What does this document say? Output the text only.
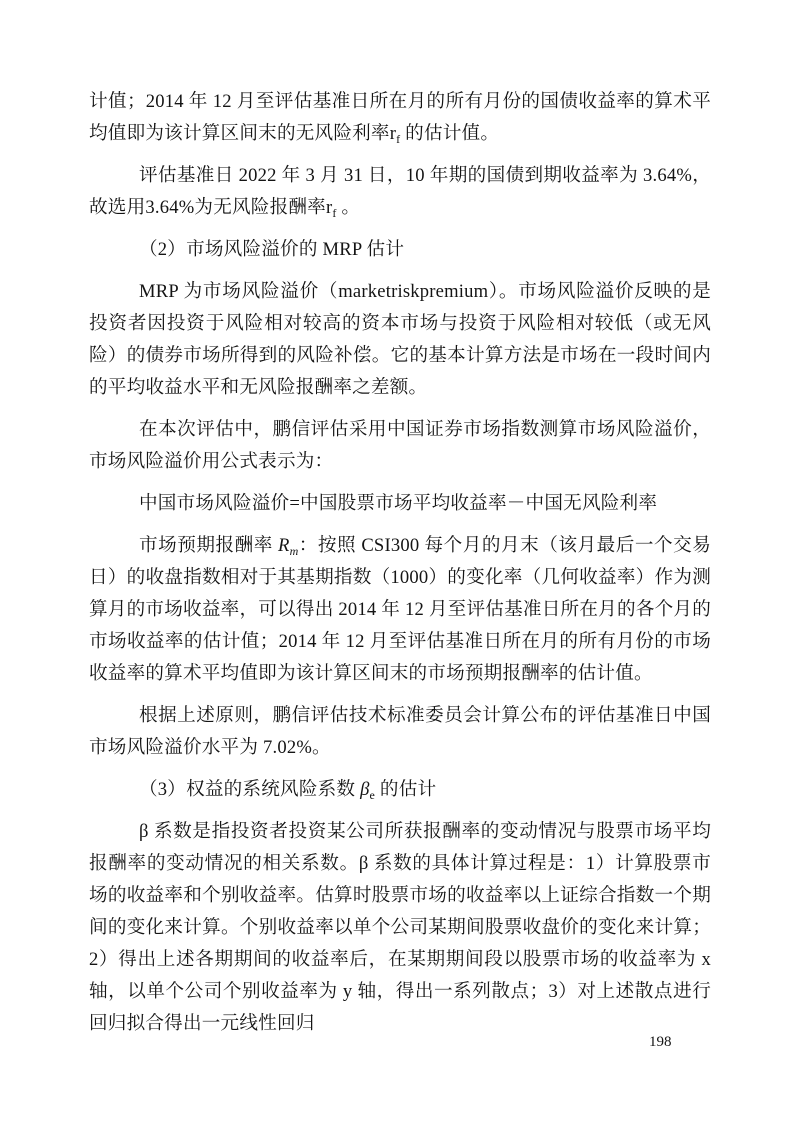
计值；2014 年 12 月至评估基准日所在月的所有月份的国债收益率的算术平均值即为该计算区间末的无风险利率$r_f$ 的估计值。

评估基准日 2022 年 3 月 31 日，10 年期的国债到期收益率为 3.64%，故选用3.64%为无风险报酬率$r_f$ 。

（2）市场风险溢价的 MRP 估计

MRP 为市场风险溢价（marketriskpremium）。市场风险溢价反映的是投资者因投资于风险相对较高的资本市场与投资于风险相对较低（或无风险）的债券市场所得到的风险补偿。它的基本计算方法是市场在一段时间内的平均收益水平和无风险报酬率之差额。

在本次评估中，鹏信评估采用中国证券市场指数测算市场风险溢价，市场风险溢价用公式表示为：

中国市场风险溢价=中国股票市场平均收益率－中国无风险利率

市场预期报酬率 $R_m$：按照 CSI300 每个月的月末（该月最后一个交易日）的收盘指数相对于其基期指数（1000）的变化率（几何收益率）作为测算月的市场收益率，可以得出 2014 年 12 月至评估基准日所在月的各个月的市场收益率的估计值；2014 年 12 月至评估基准日所在月的所有月份的市场收益率的算术平均值即为该计算区间末的市场预期报酬率的估计值。

根据上述原则，鹏信评估技术标准委员会计算公布的评估基准日中国市场风险溢价水平为 7.02%。

（3）权益的系统风险系数 $\beta_e$ 的估计

β 系数是指投资者投资某公司所获报酬率的变动情况与股票市场平均报酬率的变动情况的相关系数。β 系数的具体计算过程是：1）计算股票市场的收益率和个别收益率。估算时股票市场的收益率以上证综合指数一个期间的变化来计算。个别收益率以单个公司某期间股票收盘价的变化来计算；2）得出上述各期期间的收益率后，在某期期间段以股票市场的收益率为 x 轴，以单个公司个别收益率为 y 轴，得出一系列散点；3）对上述散点进行回归拟合得出一元线性回归

198
